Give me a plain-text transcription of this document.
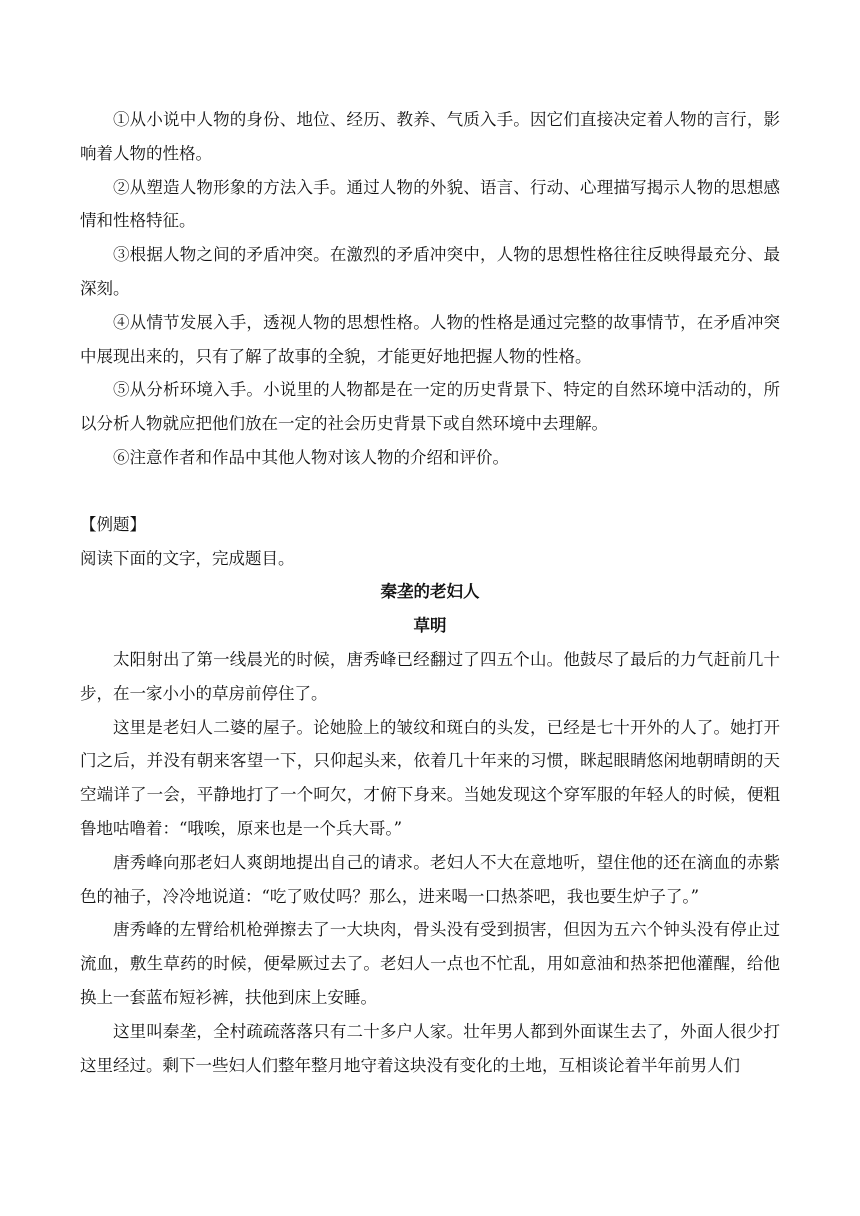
①从小说中人物的身份、地位、经历、教养、气质入手。因它们直接决定着人物的言行，影响着人物的性格。

②从塑造人物形象的方法入手。通过人物的外貌、语言、行动、心理描写揭示人物的思想感情和性格特征。

③根据人物之间的矛盾冲突。在激烈的矛盾冲突中，人物的思想性格往往反映得最充分、最深刻。

④从情节发展入手，透视人物的思想性格。人物的性格是通过完整的故事情节，在矛盾冲突中展现出来的，只有了解了故事的全貌，才能更好地把握人物的性格。

⑤从分析环境入手。小说里的人物都是在一定的历史背景下、特定的自然环境中活动的，所以分析人物就应把他们放在一定的社会历史背景下或自然环境中去理解。

⑥注意作者和作品中其他人物对该人物的介绍和评价。

【例题】

阅读下面的文字，完成题目。

秦垄的老妇人

草明

太阳射出了第一线晨光的时候，唐秀峰已经翻过了四五个山。他鼓尽了最后的力气赶前几十步，在一家小小的草房前停住了。

这里是老妇人二婆的屋子。论她脸上的皱纹和斑白的头发，已经是七十开外的人了。她打开门之后，并没有朝来客望一下，只仰起头来，依着几十年来的习惯，眯起眼睛悠闲地朝晴朗的天空端详了一会，平静地打了一个呵欠，才俯下身来。当她发现这个穿军服的年轻人的时候，便粗鲁地咕噜着：“哦唉，原来也是一个兵大哥。”

唐秀峰向那老妇人爽朗地提出自己的请求。老妇人不大在意地听，望住他的还在滴血的赤紫色的袖子，冷冷地说道：“吃了败仗吗？那么，进来喝一口热茶吧，我也要生炉子了。”

唐秀峰的左臂给机枪弹擦去了一大块肉，骨头没有受到损害，但因为五六个钟头没有停止过流血，敷生草药的时候，便晕厥过去了。老妇人一点也不忙乱，用如意油和热茶把他灌醒，给他换上一套蓝布短衫裤，扶他到床上安睡。

这里叫秦垄，全村疏疏落落只有二十多户人家。壮年男人都到外面谋生去了，外面人很少打这里经过。剩下一些妇人们整年整月地守着这块没有变化的土地，互相谈论着半年前男人们
